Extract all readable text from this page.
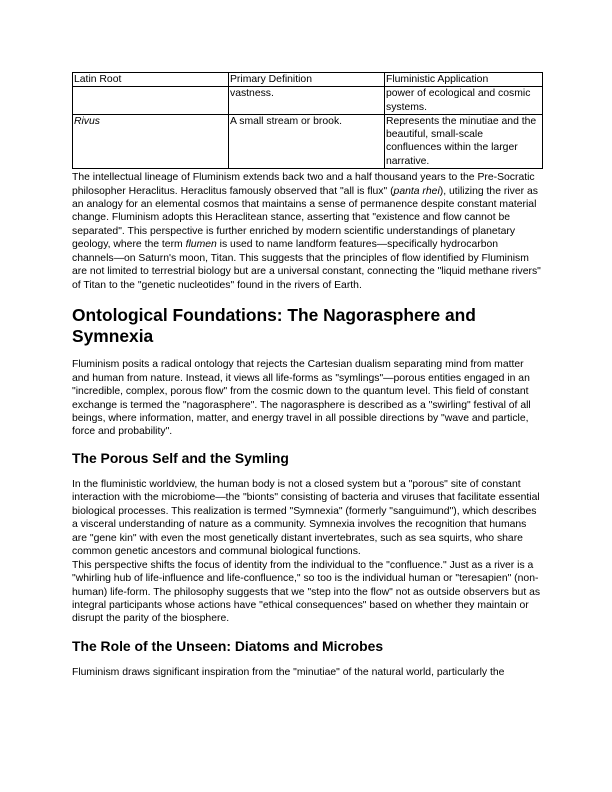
Latin Root	Primary Definition	Fluministic Application
	vastness.	power of ecological and cosmic systems.
Rivus	A small stream or brook.	Represents the minutiae and the beautiful, small-scale confluences within the larger narrative.

The intellectual lineage of Fluminism extends back two and a half thousand years to the Pre-Socratic philosopher Heraclitus. Heraclitus famously observed that "all is flux" (panta rhei), utilizing the river as an analogy for an elemental cosmos that maintains a sense of permanence despite constant material change. Fluminism adopts this Heraclitean stance, asserting that "existence and flow cannot be separated". This perspective is further enriched by modern scientific understandings of planetary geology, where the term flumen is used to name landform features—specifically hydrocarbon channels—on Saturn's moon, Titan. This suggests that the principles of flow identified by Fluminism are not limited to terrestrial biology but are a universal constant, connecting the "liquid methane rivers" of Titan to the "genetic nucleotides" found in the rivers of Earth.

Ontological Foundations: The Nagorasphere and Symnexia

Fluminism posits a radical ontology that rejects the Cartesian dualism separating mind from matter and human from nature. Instead, it views all life-forms as "symlings"—porous entities engaged in an "incredible, complex, porous flow" from the cosmic down to the quantum level. This field of constant exchange is termed the "nagorasphere". The nagorasphere is described as a "swirling" festival of all beings, where information, matter, and energy travel in all possible directions by "wave and particle, force and probability".

The Porous Self and the Symling

In the fluministic worldview, the human body is not a closed system but a "porous" site of constant interaction with the microbiome—the "bionts" consisting of bacteria and viruses that facilitate essential biological processes. This realization is termed "Symnexia" (formerly "sanguimund"), which describes a visceral understanding of nature as a community. Symnexia involves the recognition that humans are "gene kin" with even the most genetically distant invertebrates, such as sea squirts, who share common genetic ancestors and communal biological functions.

This perspective shifts the focus of identity from the individual to the "confluence." Just as a river is a "whirling hub of life-influence and life-confluence," so too is the individual human or "teresapien" (non-human) life-form. The philosophy suggests that we "step into the flow" not as outside observers but as integral participants whose actions have "ethical consequences" based on whether they maintain or disrupt the parity of the biosphere.

The Role of the Unseen: Diatoms and Microbes

Fluminism draws significant inspiration from the "minutiae" of the natural world, particularly the
